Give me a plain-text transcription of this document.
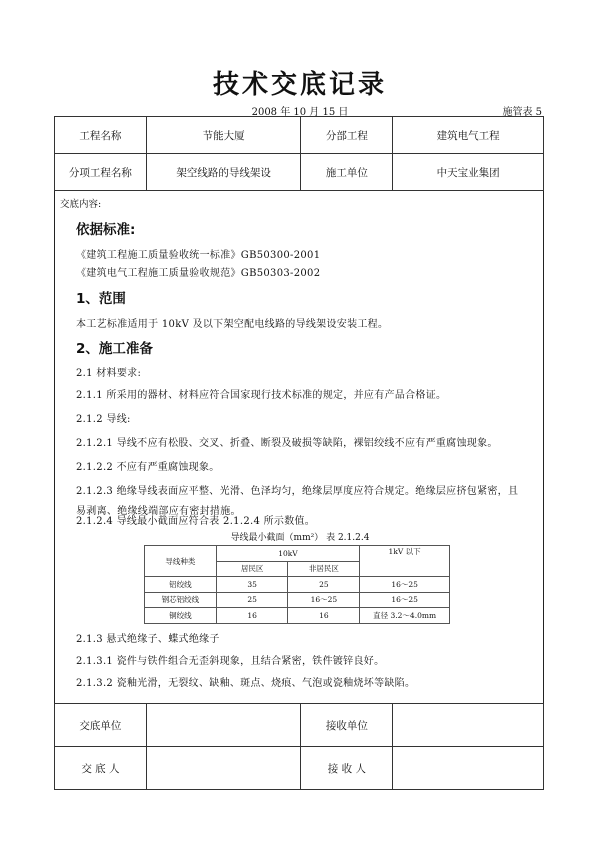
技术交底记录
2008 年 10 月 15 日	施管表 5
工程名称	节能大厦	分部工程	建筑电气工程
分项工程名称	架空线路的导线架设	施工单位	中天宝业集团
交底内容:
依据标准:
《建筑工程施工质量验收统一标准》GB50300-2001
《建筑电气工程施工质量验收规范》GB50303-2002
1、范围
本工艺标准适用于 10kV 及以下架空配电线路的导线架设安装工程。
2、施工准备
2.1 材料要求:
2.1.1 所采用的器材、材料应符合国家现行技术标准的规定，并应有产品合格证。
2.1.2 导线:
2.1.2.1 导线不应有松股、交叉、折叠、断裂及破损等缺陷，裸铝绞线不应有严重腐蚀现象。
2.1.2.2 不应有严重腐蚀现象。
2.1.2.3 绝缘导线表面应平整、光滑、色泽均匀，绝缘层厚度应符合规定。绝缘层应挤包紧密，且
易剥离、绝缘线端部应有密封措施。
导线最小截面（mm²） 表 2.1.2.4
导线种类	10kV		1kV 以下
	居民区	非居民区	
铝绞线	35	25	16～25
钢芯铝绞线	25	16～25	16～25
铜绞线	16	16	直径 3.2～4.0mm
2.1.3 悬式绝缘子、蝶式绝缘子
2.1.3.1 瓷件与铁件组合无歪斜现象，且结合紧密，铁件镀锌良好。
2.1.3.2 瓷釉光滑，无裂纹、缺釉、斑点、烧痕、气泡或瓷釉烧坏等缺陷。
交底单位		接收单位	
交 底 人		接 收 人	
2.1.2.4 导线最小截面应符合表 2.1.2.4 所示数值。
